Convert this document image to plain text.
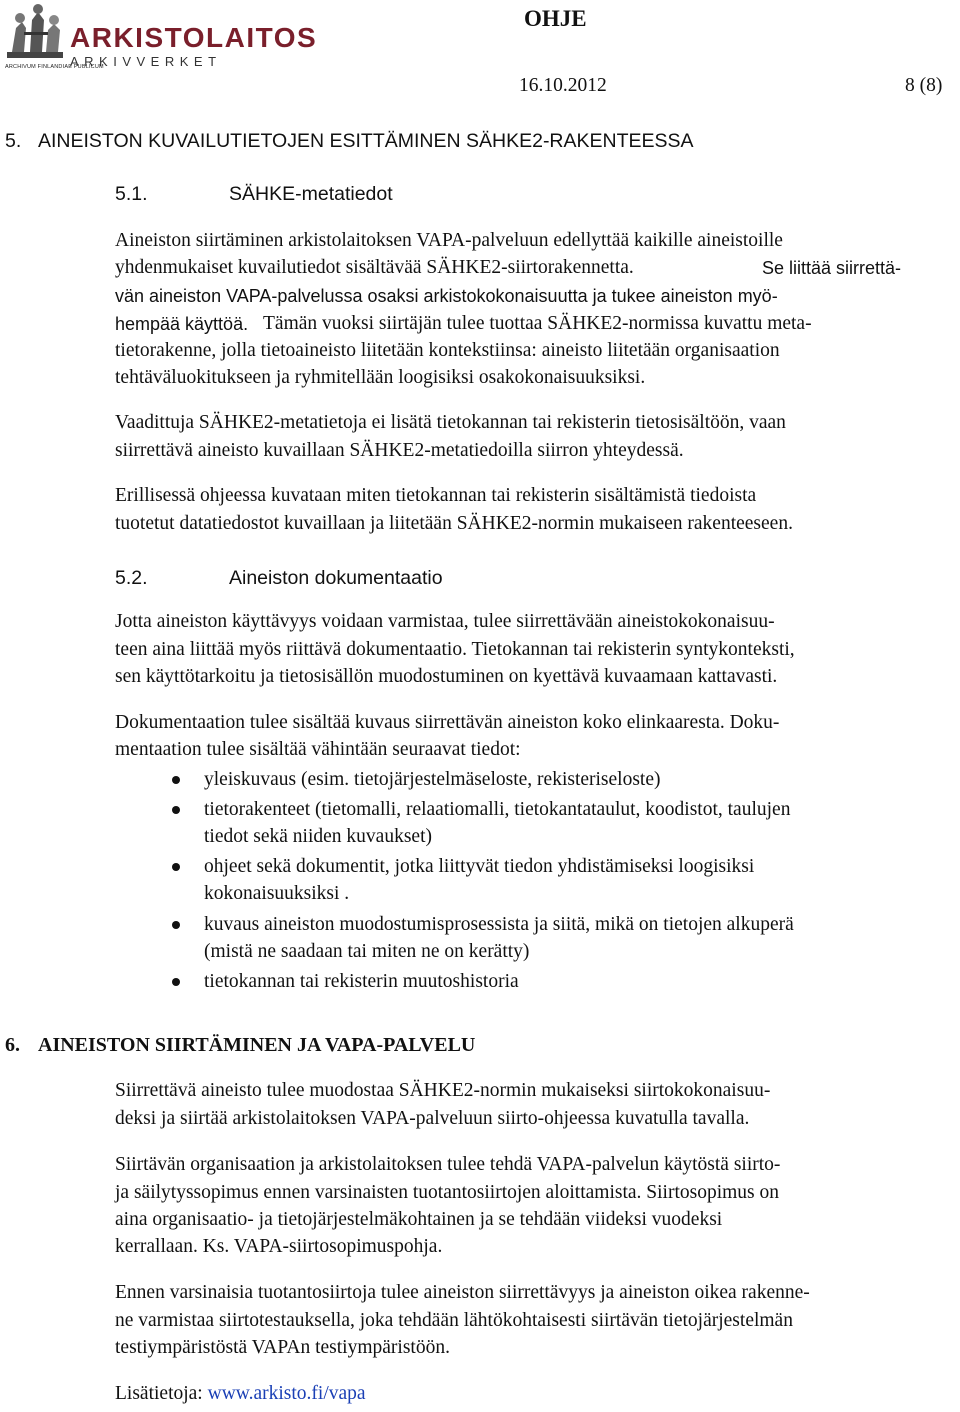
ARKISTOLAITOS
ARKIVVERKET
ARCHIVUM FINLANDIAE PUBLICUM
OHJE
16.10.2012	8 (8)
5. AINEISTON KUVAILUTIETOJEN ESITTÄMINEN SÄHKE2-RAKENTEESSA
5.1.	SÄHKE-metatiedot
Aineiston siirtäminen arkistolaitoksen VAPA-palveluun edellyttää kaikille aineistoille
yhdenmukaiset kuvailutiedot sisältävää SÄHKE2-siirtorakennetta.	Se liittää siirrettä-
vän aineiston VAPA-palvelussa osaksi arkistokokonaisuutta ja tukee aineiston myö-
hempää käyttöä. Tämän vuoksi siirtäjän tulee tuottaa SÄHKE2-normissa kuvattu meta-
tietorakenne, jolla tietoaineisto liitetään kontekstiinsa: aineisto liitetään organisaation
tehtäväluokitukseen ja ryhmitellään loogisiksi osakokonaisuuksiksi.
Vaadittuja SÄHKE2-metatietoja ei lisätä tietokannan tai rekisterin tietosisältöön, vaan
siirrettävä aineisto kuvaillaan SÄHKE2-metatiedoilla siirron yhteydessä.
Erillisessä ohjeessa kuvataan miten tietokannan tai rekisterin sisältämistä tiedoista
tuotetut datatiedostot kuvaillaan ja liitetään SÄHKE2-normin mukaiseen rakenteeseen.
5.2.	Aineiston dokumentaatio
Jotta aineiston käyttävyys voidaan varmistaa, tulee siirrettävään aineistokokonaisuu-
teen aina liittää myös riittävä dokumentaatio. Tietokannan tai rekisterin syntykonteksti,
sen käyttötarkoitu ja tietosisällön muodostuminen on kyettävä kuvaamaan kattavasti.
Dokumentaation tulee sisältää kuvaus siirrettävän aineiston koko elinkaaresta. Doku-
mentaation tulee sisältää vähintään seuraavat tiedot:
yleiskuvaus (esim. tietojärjestelmäseloste, rekisteriseloste)
tietorakenteet (tietomalli, relaatiomalli, tietokantataulut, koodistot, taulujen
tiedot sekä niiden kuvaukset)
ohjeet sekä dokumentit, jotka liittyvät tiedon yhdistämiseksi loogisiksi
kokonaisuuksiksi .
kuvaus aineiston muodostumisprosessista ja siitä, mikä on tietojen alkuperä
(mistä ne saadaan tai miten ne on kerätty)
tietokannan tai rekisterin muutoshistoria
6. AINEISTON SIIRTÄMINEN JA VAPA-PALVELU
Siirrettävä aineisto tulee muodostaa SÄHKE2-normin mukaiseksi siirtokokonaisuu-
deksi ja siirtää arkistolaitoksen VAPA-palveluun siirto-ohjeessa kuvatulla tavalla.
Siirtävän organisaation ja arkistolaitoksen tulee tehdä VAPA-palvelun käytöstä siirto-
ja säilytyssopimus ennen varsinaisten tuotantosiirtojen aloittamista. Siirtosopimus on
aina organisaatio- ja tietojärjestelmäkohtainen ja se tehdään viideksi vuodeksi
kerrallaan. Ks. VAPA-siirtosopimuspohja.
Ennen varsinaisia tuotantosiirtoja tulee aineiston siirrettävyys ja aineiston oikea rakenne-
ne varmistaa siirtotestauksella, joka tehdään lähtökohtaisesti siirtävän tietojärjestelmän
testiympäristöstä VAPAn testiympäristöön.
Lisätietoja: www.arkisto.fi/vapa
